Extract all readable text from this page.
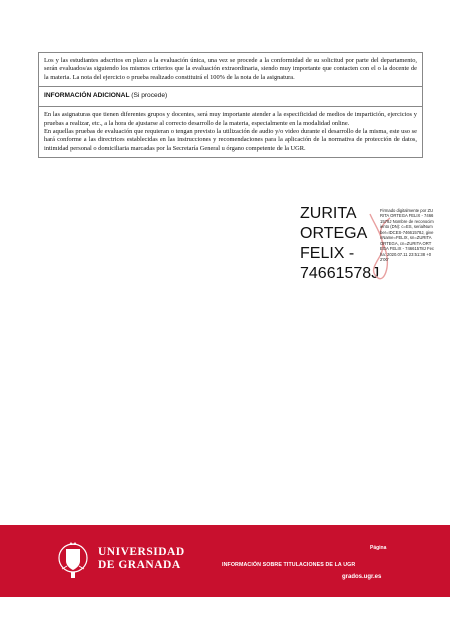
Los y las estudiantes adscritos en plazo a la evaluación única, una vez se procede a la conformidad de su solicitud por parte del departamento, serán evaluados/as siguiendo los mismos criterios que la evaluación extraordinaria, siendo muy importante que contacten con el o la docente de la materia. La nota del ejercicio o prueba realizado constituirá el 100% de la nota de la asignatura.

INFORMACIÓN ADICIONAL (Si procede)

En las asignaturas que tienen diferentes grupos y docentes, será muy importante atender a la especificidad de medios de impartición, ejercicios y pruebas a realizar, etc., a la hora de ajustarse al correcto desarrollo de la materia, especialmente en la modalidad online.

En aquellas pruebas de evaluación que requieran o tengan previsto la utilización de audio y/o video durante el desarrollo de la misma, este uso se hará conforme a las directrices establecidas en las instrucciones y recomendaciones para la aplicación de la normativa de protección de datos, intimidad personal o domiciliaria marcadas por la Secretaría General u órgano competente de la UGR.

ZURITA
ORTEGA
FELIX -
74661578J
Firmado digitalmente por ZURITA ORTEGA FELIX - 74661578J Nombre de reconocimiento (DN): c=ES, serialNumber=IDCES-74661578J, givenName=FELIX, sn=ZURITA ORTEGA, cn=ZURITA ORTEGA FELIX - 74661578J Fecha: 2020.07.11 23:51:38 +02'00'
UNIVERSIDAD
DE GRANADA
Página
INFORMACIÓN SOBRE TITULACIONES DE LA UGR
grados.ugr.es
